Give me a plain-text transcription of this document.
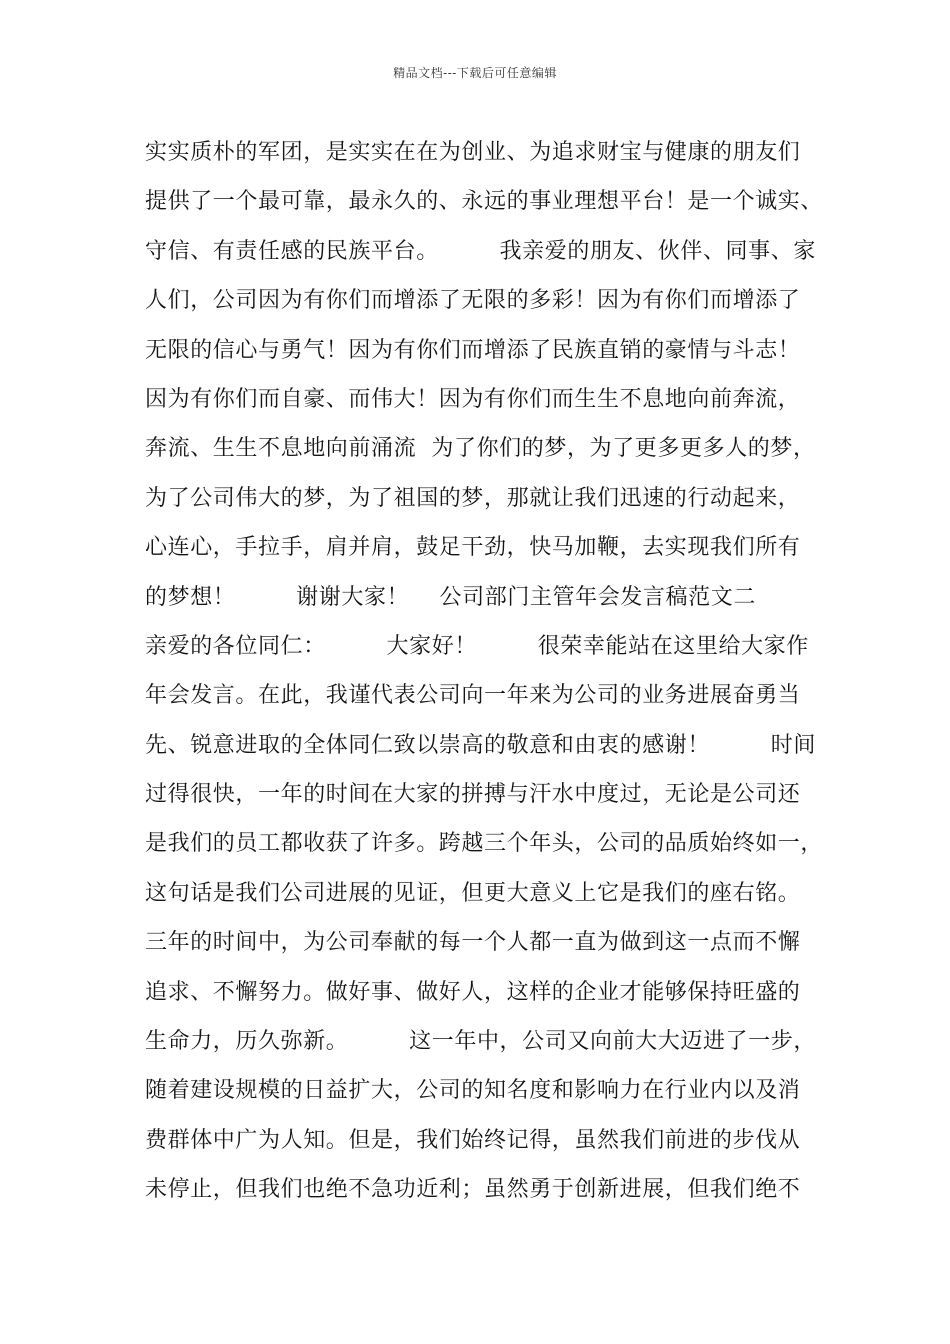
精品文档---下载后可任意编辑
实实质朴的军团，是实实在在为创业、为追求财宝与健康的朋友们
提供了一个最可靠，最永久的、永远的事业理想平台！是一个诚实、
守信、有责任感的民族平台。        我亲爱的朋友、伙伴、同事、家
人们，公司因为有你们而增添了无限的多彩！因为有你们而增添了
无限的信心与勇气！因为有你们而增添了民族直销的豪情与斗志！
因为有你们而自豪、而伟大！因为有你们而生生不息地向前奔流，
奔流、生生不息地向前涌流  为了你们的梦，为了更多更多人的梦，
为了公司伟大的梦，为了祖国的梦，那就让我们迅速的行动起来，
心连心，手拉手，肩并肩，鼓足干劲，快马加鞭，去实现我们所有
的梦想！        谢谢大家！    公司部门主管年会发言稿范文二
亲爱的各位同仁：        大家好！        很荣幸能站在这里给大家作
年会发言。在此，我谨代表公司向一年来为公司的业务进展奋勇当
先、锐意进取的全体同仁致以崇高的敬意和由衷的感谢！        时间
过得很快，一年的时间在大家的拼搏与汗水中度过，无论是公司还
是我们的员工都收获了许多。跨越三个年头，公司的品质始终如一，
这句话是我们公司进展的见证，但更大意义上它是我们的座右铭。
三年的时间中，为公司奉献的每一个人都一直为做到这一点而不懈
追求、不懈努力。做好事、做好人，这样的企业才能够保持旺盛的
生命力，历久弥新。        这一年中，公司又向前大大迈进了一步，
随着建设规模的日益扩大，公司的知名度和影响力在行业内以及消
费群体中广为人知。但是，我们始终记得，虽然我们前进的步伐从
未停止，但我们也绝不急功近利；虽然勇于创新进展，但我们绝不
